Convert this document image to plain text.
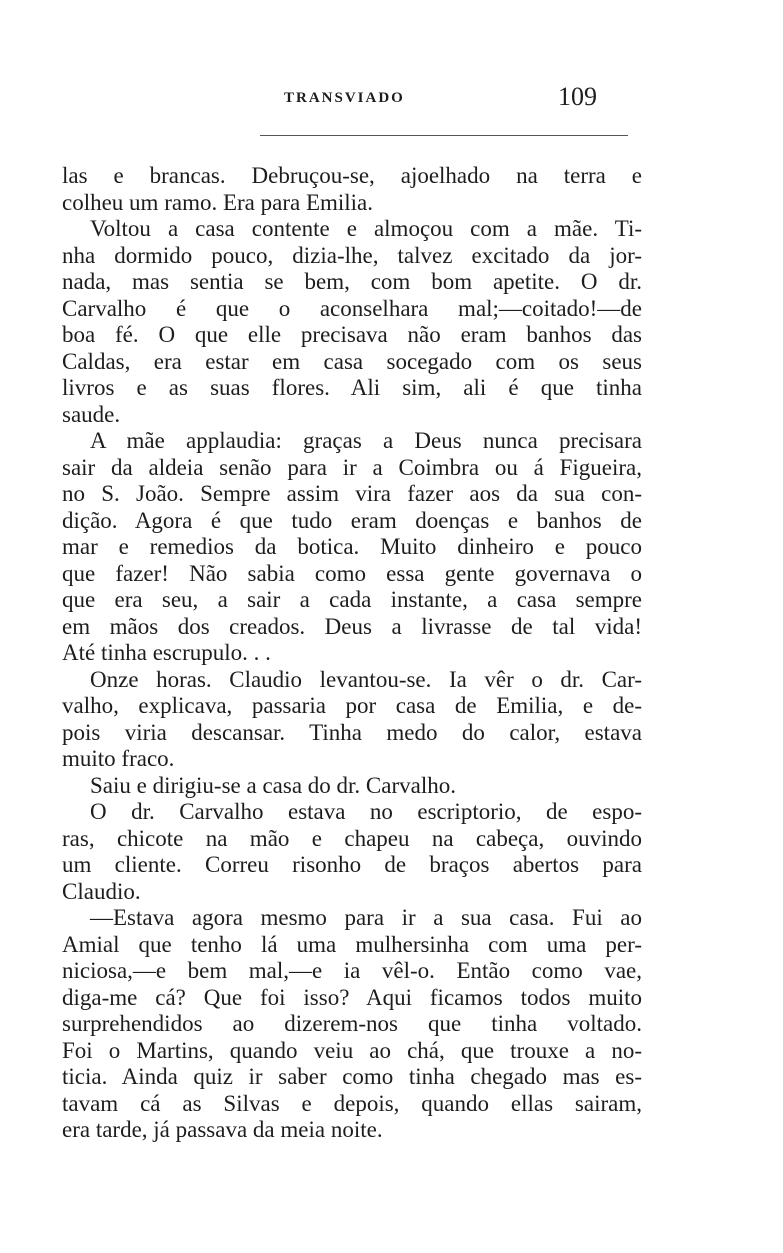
TRANSVIADO	109
las e brancas. Debruçou-se, ajoelhado na terra e
colheu um ramo. Era para Emilia.
Voltou a casa contente e almoçou com a mãe. Ti-
nha dormido pouco, dizia-lhe, talvez excitado da jor-
nada, mas sentia se bem, com bom apetite. O dr.
Carvalho é que o aconselhara mal;—coitado!—de
boa fé. O que elle precisava não eram banhos das
Caldas, era estar em casa socegado com os seus
livros e as suas flores. Ali sim, ali é que tinha
saude.
A mãe applaudia: graças a Deus nunca precisara
sair da aldeia senão para ir a Coimbra ou á Figueira,
no S. João. Sempre assim vira fazer aos da sua con-
dição. Agora é que tudo eram doenças e banhos de
mar e remedios da botica. Muito dinheiro e pouco
que fazer! Não sabia como essa gente governava o
que era seu, a sair a cada instante, a casa sempre
em mãos dos creados. Deus a livrasse de tal vida!
Até tinha escrupulo. . .
Onze horas. Claudio levantou-se. Ia vêr o dr. Car-
valho, explicava, passaria por casa de Emilia, e de-
pois viria descansar. Tinha medo do calor, estava
muito fraco.
Saiu e dirigiu-se a casa do dr. Carvalho.
O dr. Carvalho estava no escriptorio, de espo-
ras, chicote na mão e chapeu na cabeça, ouvindo
um cliente. Correu risonho de braços abertos para
Claudio.
—Estava agora mesmo para ir a sua casa. Fui ao
Amial que tenho lá uma mulhersinha com uma per-
niciosa,—e bem mal,—e ia vêl-o. Então como vae,
diga-me cá? Que foi isso? Aqui ficamos todos muito
surprehendidos ao dizerem-nos que tinha voltado.
Foi o Martins, quando veiu ao chá, que trouxe a no-
ticia. Ainda quiz ir saber como tinha chegado mas es-
tavam cá as Silvas e depois, quando ellas sairam,
era tarde, já passava da meia noite.
